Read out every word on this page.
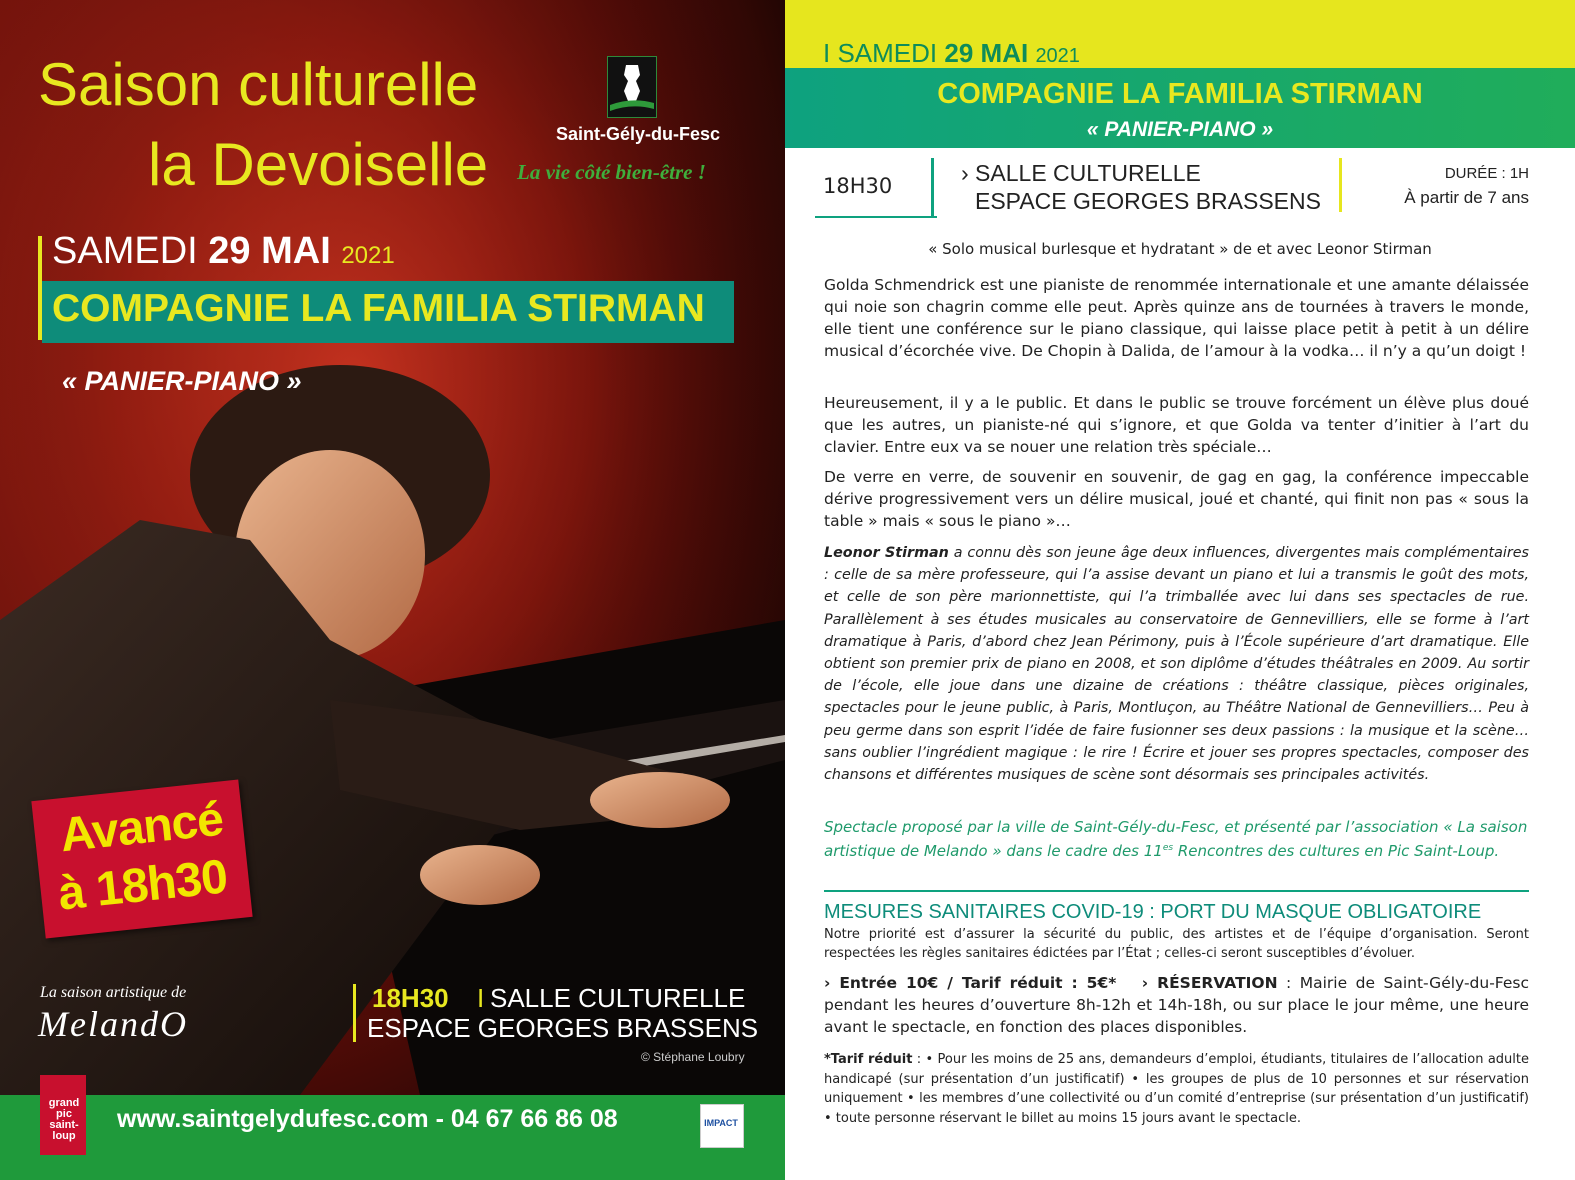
Saison culturelle
la Devoiselle	Saint-Gély-du-Fesc
La vie côté bien-être !
SAMEDI 29 MAI 2021
COMPAGNIE LA FAMILIA STIRMAN
« PANIER-PIANO »
Avancé
à 18h30
La saison artistique de
MelandO
18H30 I SALLE CULTURELLE
ESPACE GEORGES BRASSENS
© Stéphane Loubry
www.saintgelydufesc.com - 04 67 66 86 08
grand pic saint-loup
IMPACT
I SAMEDI 29 MAI 2021
COMPAGNIE LA FAMILIA STIRMAN
« PANIER-PIANO »
18H30	› SALLE CULTURELLE
ESPACE GEORGES BRASSENS
DURÉE : 1H
À partir de 7 ans
« Solo musical burlesque et hydratant » de et avec Leonor Stirman

Golda Schmendrick est une pianiste de renommée internationale et une amante délaissée qui noie son chagrin comme elle peut. Après quinze ans de tournées à travers le monde, elle tient une conférence sur le piano classique, qui laisse place petit à petit à un délire musical d’écorchée vive. De Chopin à Dalida, de l’amour à la vodka… il n’y a qu’un doigt !

Heureusement, il y a le public. Et dans le public se trouve forcément un élève plus doué que les autres, un pianiste-né qui s’ignore, et que Golda va tenter d’initier à l’art du clavier. Entre eux va se nouer une relation très spéciale…

De verre en verre, de souvenir en souvenir, de gag en gag, la conférence impeccable dérive progressivement vers un délire musical, joué et chanté, qui finit non pas « sous la table » mais « sous le piano »…

Leonor Stirman a connu dès son jeune âge deux influences, divergentes mais complémentaires : celle de sa mère professeure, qui l’a assise devant un piano et lui a transmis le goût des mots, et celle de son père marionnettiste, qui l’a trimballée avec lui dans ses spectacles de rue. Parallèlement à ses études musicales au conservatoire de Gennevilliers, elle se forme à l’art dramatique à Paris, d’abord chez Jean Périmony, puis à l’École supérieure d’art dramatique. Elle obtient son premier prix de piano en 2008, et son diplôme d’études théâtrales en 2009. Au sortir de l’école, elle joue dans une dizaine de créations : théâtre classique, pièces originales, spectacles pour le jeune public, à Paris, Montluçon, au Théâtre National de Gennevilliers… Peu à peu germe dans son esprit l’idée de faire fusionner ses deux passions : la musique et la scène… sans oublier l’ingrédient magique : le rire ! Écrire et jouer ses propres spectacles, composer des chansons et différentes musiques de scène sont désormais ses principales activités.

Spectacle proposé par la ville de Saint-Gély-du-Fesc, et présenté par l’association « La saison artistique de Melando » dans le cadre des $11^{es}$ Rencontres des cultures en Pic Saint-Loup.

MESURES SANITAIRES COVID-19 : PORT DU MASQUE OBLIGATOIRE

Notre priorité est d’assurer la sécurité du public, des artistes et de l’équipe d’organisation. Seront respectées les règles sanitaires édictées par l’État ; celles-ci seront susceptibles d’évoluer.

› Entrée 10€ / Tarif réduit : 5€* › RÉSERVATION : Mairie de Saint-Gély-du-Fesc pendant les heures d’ouverture 8h-12h et 14h-18h, ou sur place le jour même, une heure avant le spectacle, en fonction des places disponibles.

*Tarif réduit : • Pour les moins de 25 ans, demandeurs d’emploi, étudiants, titulaires de l’allocation adulte handicapé (sur présentation d’un justificatif) • les groupes de plus de 10 personnes et sur réservation uniquement • les membres d’une collectivité ou d’un comité d’entreprise (sur présentation d’un justificatif) • toute personne réservant le billet au moins 15 jours avant le spectacle.
